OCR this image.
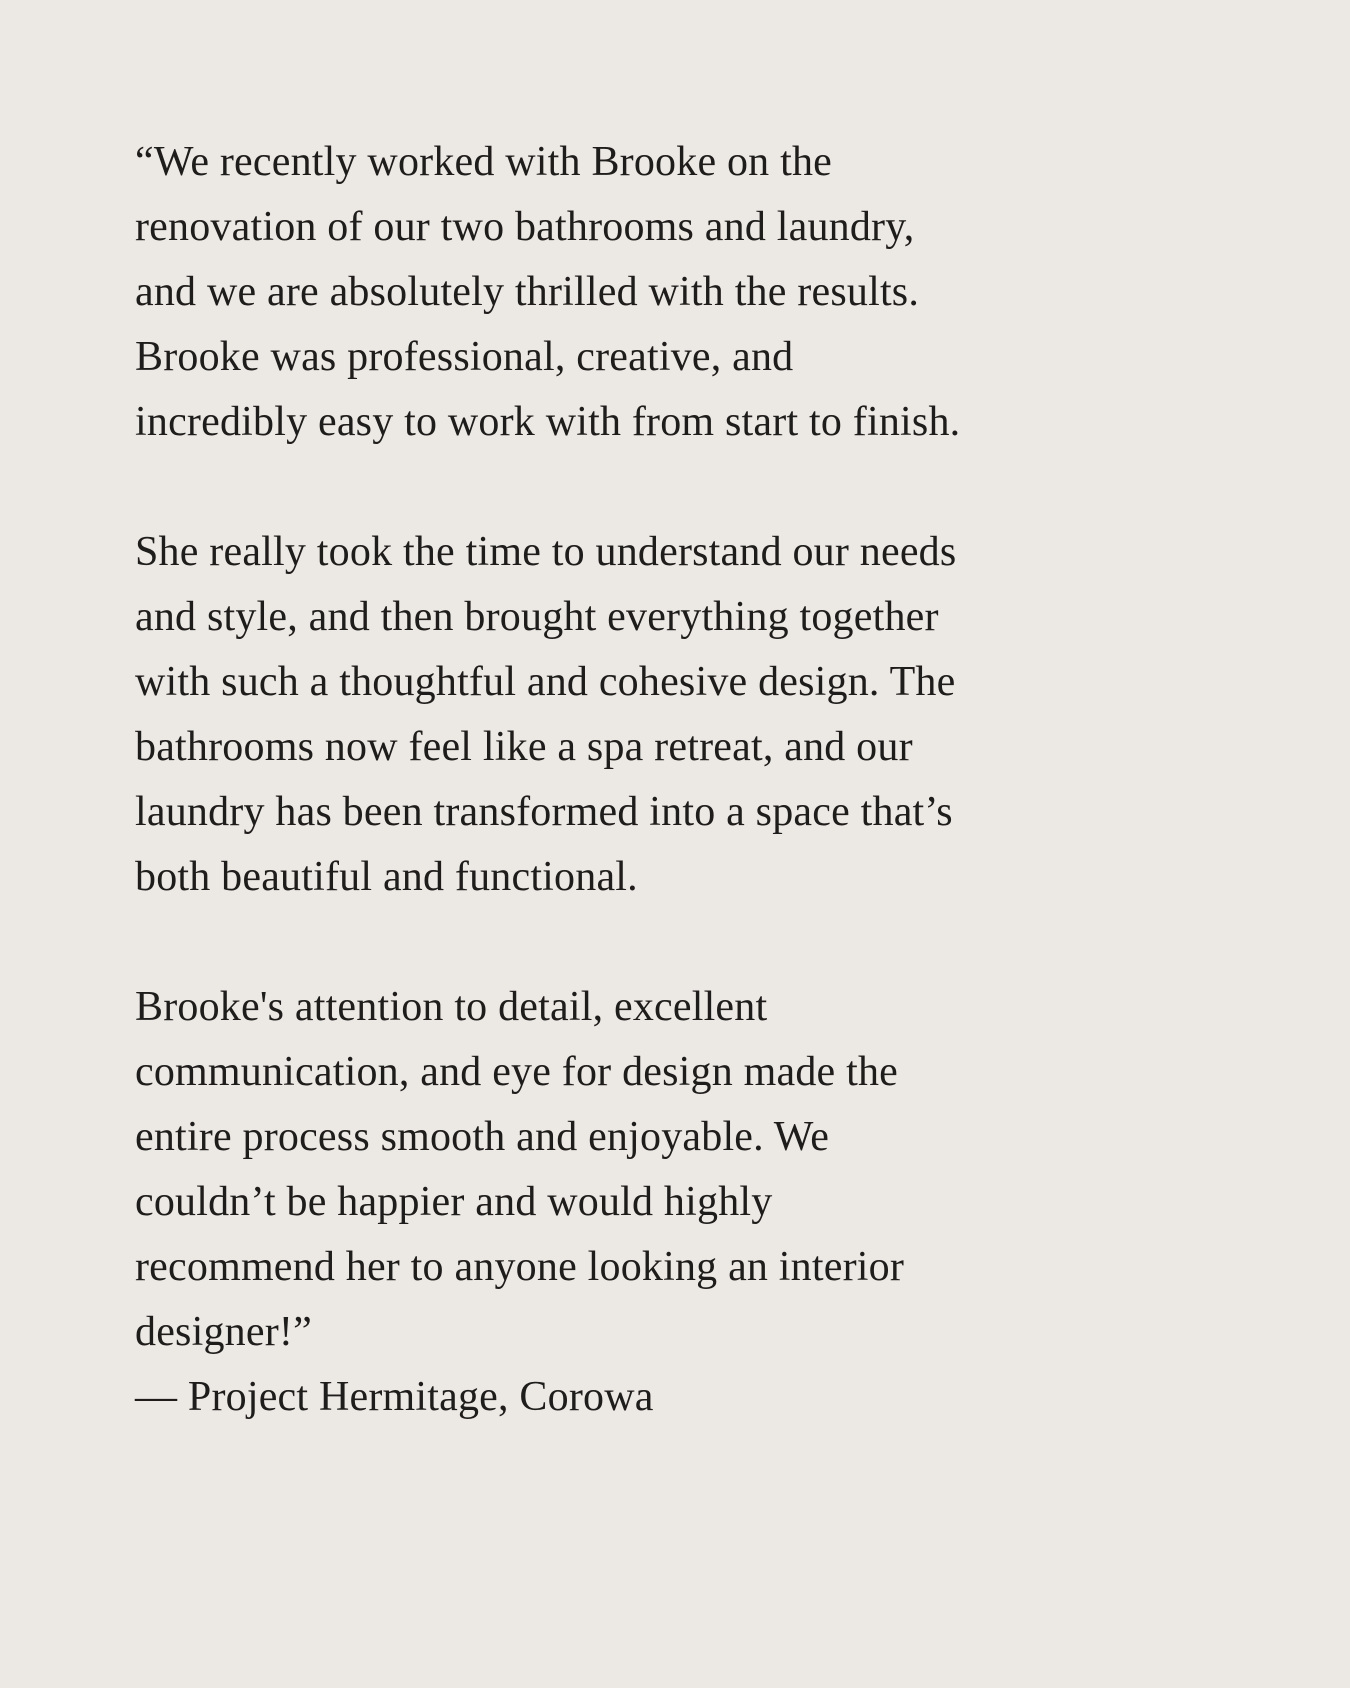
“We recently worked with Brooke on the renovation of our two bathrooms and laundry, and we are absolutely thrilled with the results. Brooke was professional, creative, and incredibly easy to work with from start to finish.

She really took the time to understand our needs and style, and then brought everything together with such a thoughtful and cohesive design. The bathrooms now feel like a spa retreat, and our laundry has been transformed into a space that’s both beautiful and functional.

Brooke's attention to detail, excellent communication, and eye for design made the entire process smooth and enjoyable. We couldn’t be happier and would highly recommend her to anyone looking an interior designer!”

— Project Hermitage, Corowa
